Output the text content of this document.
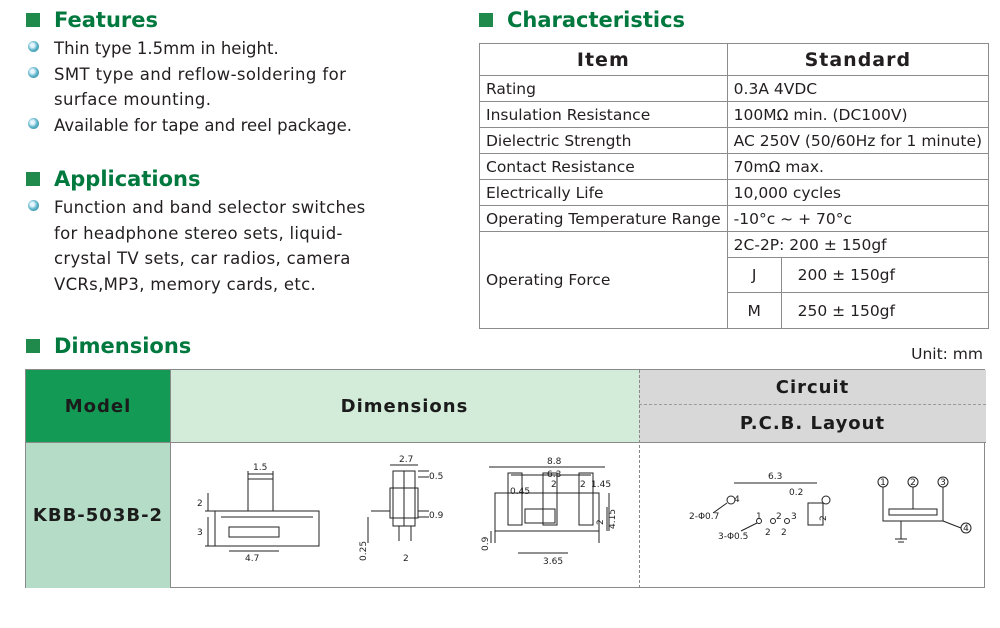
Features
Thin type 1.5mm in height.
SMT type and reflow-soldering for surface mounting.
Available for tape and reel package.
Applications
Function and band selector switches for headphone stereo sets, liquid-crystal TV sets, car radios, camera VCRs,MP3, memory cards, etc.
Characteristics
Item	Standard	
Rating	0.3A 4VDC	
Insulation Resistance	100MΩ min. (DC100V)	
Dielectric Strength	AC 250V (50/60Hz for 1 minute)	
Contact Resistance	70mΩ max.	
Electrically Life	10,000 cycles	
Operating Temperature Range	-10°c ~ + 70°c	
Operating Force	2C-2P: 200 ± 150gf	
	J	200 ± 150gf
	M	250 ± 150gf
Dimensions	Unit: mm
Model	Dimensions
Circuit
P.C.B. Layout
KBB-503B-2
1.5
2
3
4.7
2.7
0.5
0.9
0.25	2
8.8
6.3
2	2
0.45
1.45
4.15
2
0.9
3.65
6.3
0.2
2-Φ0.7
3-Φ0.5 2 2
2
4
1 2 3
1	2	3
4
